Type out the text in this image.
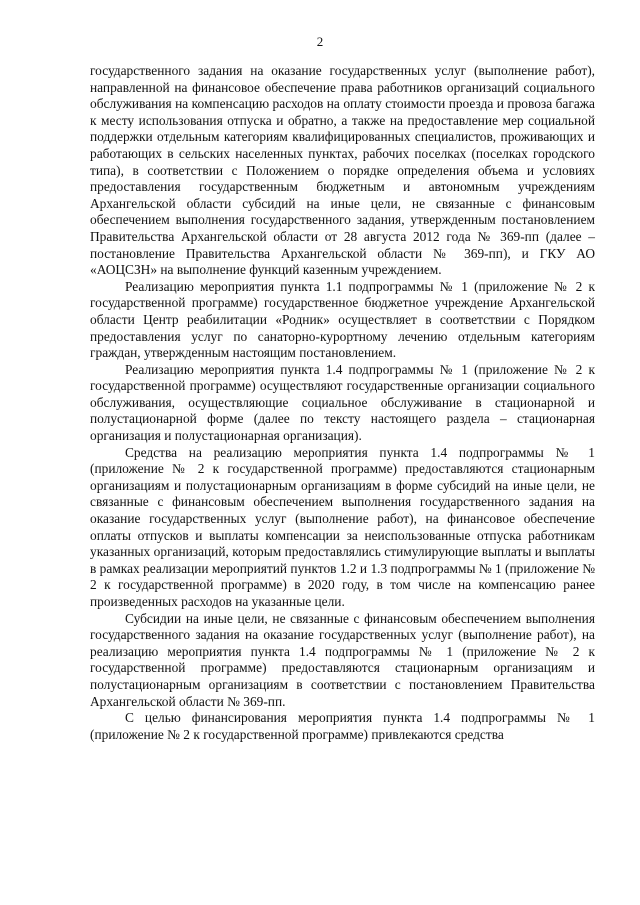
2

государственного задания на оказание государственных услуг (выполнение работ), направленной на финансовое обеспечение права работников организаций социального обслуживания на компенсацию расходов на оплату стоимости проезда и провоза багажа к месту использования отпуска и обратно, а также на предоставление мер социальной поддержки отдельным категориям квалифицированных специалистов, проживающих и работающих в сельских населенных пунктах, рабочих поселках (поселках городского типа), в соответствии с Положением о порядке определения объема и условиях предоставления государственным бюджетным и автономным учреждениям Архангельской области субсидий на иные цели, не связанные с финансовым обеспечением выполнения государственного задания, утвержденным постановлением Правительства Архангельской области от 28 августа 2012 года № 369-пп (далее – постановление Правительства Архангельской области № 369-пп), и ГКУ АО «АОЦСЗН» на выполнение функций казенным учреждением.

Реализацию мероприятия пункта 1.1 подпрограммы № 1 (приложение № 2 к государственной программе) государственное бюджетное учреждение Архангельской области Центр реабилитации «Родник» осуществляет в соответствии с Порядком предоставления услуг по санаторно-курортному лечению отдельным категориям граждан, утвержденным настоящим постановлением.

Реализацию мероприятия пункта 1.4 подпрограммы № 1 (приложение № 2 к государственной программе) осуществляют государственные организации социального обслуживания, осуществляющие социальное обслуживание в стационарной и полустационарной форме (далее по тексту настоящего раздела – стационарная организация и полустационарная организация).

Средства на реализацию мероприятия пункта 1.4 подпрограммы № 1 (приложение № 2 к государственной программе) предоставляются стационарным организациям и полустационарным организациям в форме субсидий на иные цели, не связанные с финансовым обеспечением выполнения государственного задания на оказание государственных услуг (выполнение работ), на финансовое обеспечение оплаты отпусков и выплаты компенсации за неиспользованные отпуска работникам указанных организаций, которым предоставлялись стимулирующие выплаты и выплаты в рамках реализации мероприятий пунктов 1.2 и 1.3 подпрограммы № 1 (приложение № 2 к государственной программе) в 2020 году, в том числе на компенсацию ранее произведенных расходов на указанные цели.

Субсидии на иные цели, не связанные с финансовым обеспечением выполнения государственного задания на оказание государственных услуг (выполнение работ), на реализацию мероприятия пункта 1.4 подпрограммы № 1 (приложение № 2 к государственной программе) предоставляются стационарным организациям и полустационарным организациям в соответствии с постановлением Правительства Архангельской области № 369-пп.

С целью финансирования мероприятия пункта 1.4 подпрограммы № 1 (приложение № 2 к государственной программе) привлекаются средства
